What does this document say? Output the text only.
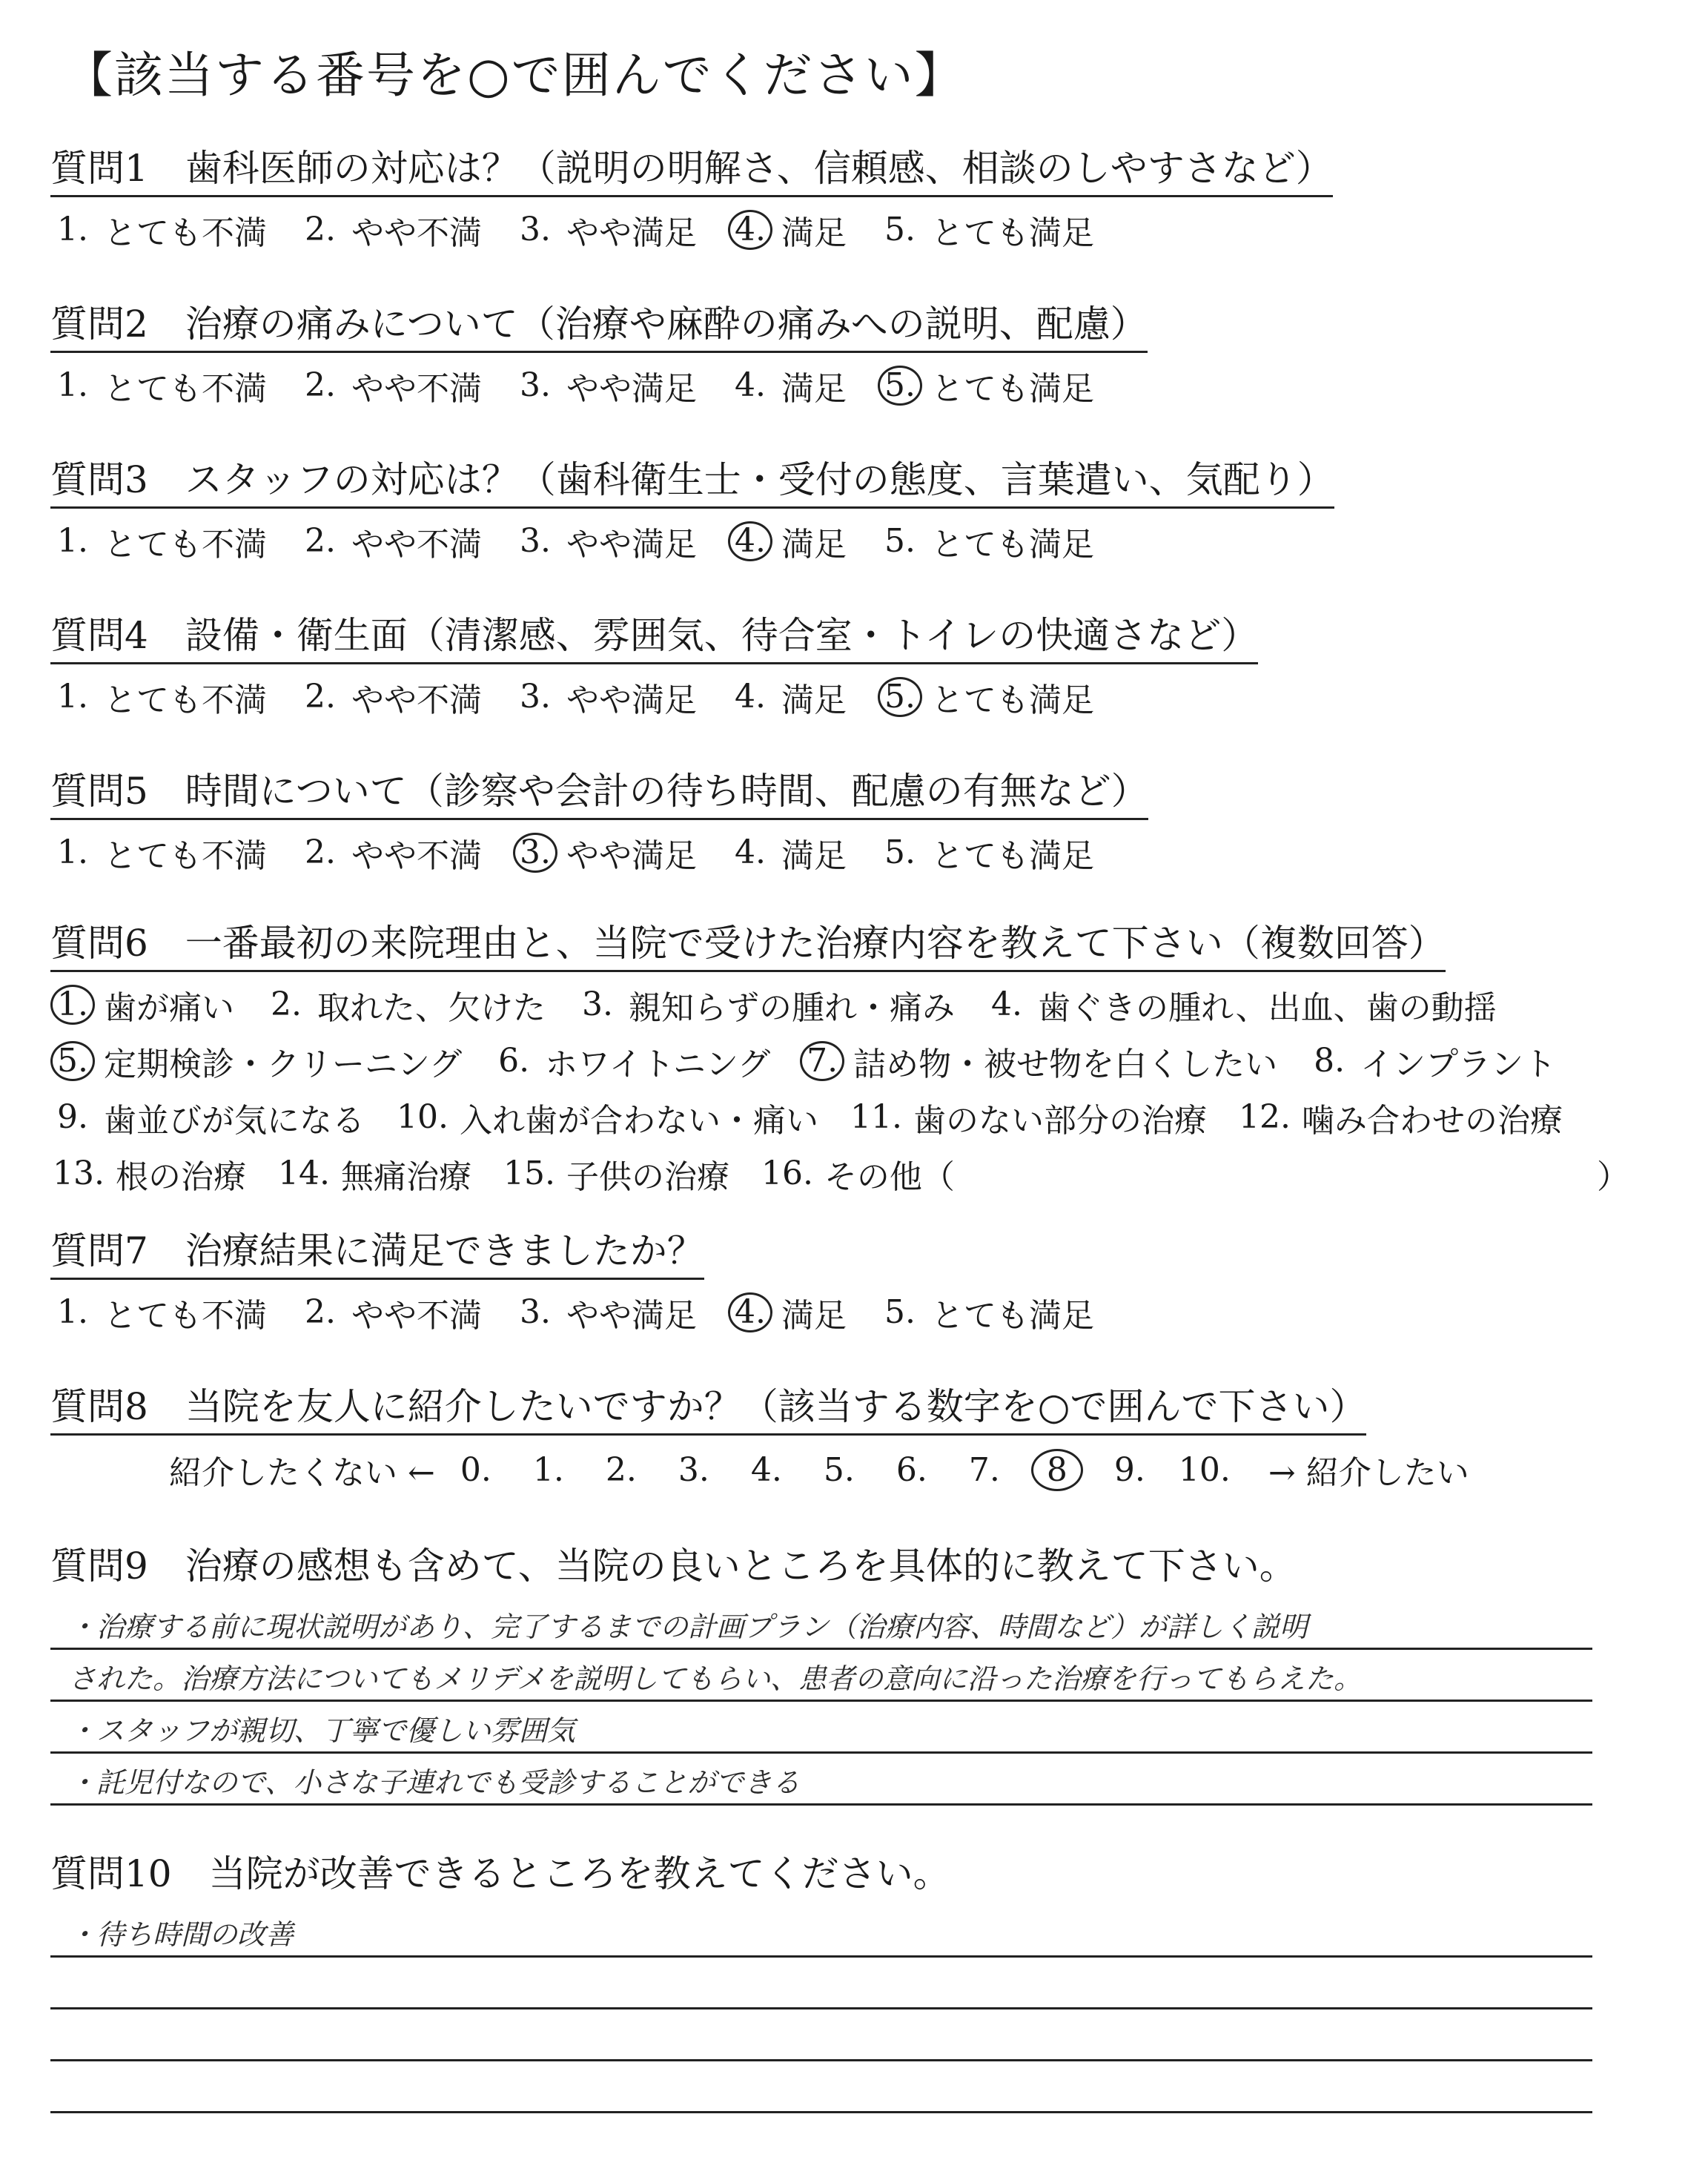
【該当する番号を○で囲んでください】
質問1　歯科医師の対応は？（説明の明解さ、信頼感、相談のしやすさなど）
1. とても不満 2. やや不満 3. やや満足 4. 満足 5. とても満足
質問2　治療の痛みについて（治療や麻酔の痛みへの説明、配慮）
1. とても不満 2. やや不満 3. やや満足 4. 満足 5. とても満足
質問3　スタッフの対応は？（歯科衛生士・受付の態度、言葉遣い、気配り）
1. とても不満 2. やや不満 3. やや満足 4. 満足 5. とても満足
質問4　設備・衛生面（清潔感、雰囲気、待合室・トイレの快適さなど）
1. とても不満 2. やや不満 3. やや満足 4. 満足 5. とても満足
質問5　時間について（診察や会計の待ち時間、配慮の有無など）
1. とても不満 2. やや不満 3. やや満足 4. 満足 5. とても満足
質問6　一番最初の来院理由と、当院で受けた治療内容を教えて下さい（複数回答）
1. 歯が痛い 2. 取れた、欠けた 3. 親知らずの腫れ・痛み 4. 歯ぐきの腫れ、出血、歯の動揺
5. 定期検診・クリーニング 6. ホワイトニング 7. 詰め物・被せ物を白くしたい 8. インプラント
9. 歯並びが気になる 10. 入れ歯が合わない・痛い 11. 歯のない部分の治療 12. 噛み合わせの治療
13. 根の治療 14. 無痛治療 15. 子供の治療 16. その他（	）
質問7　治療結果に満足できましたか？
1. とても不満 2. やや不満 3. やや満足 4. 満足 5. とても満足
質問8　当院を友人に紹介したいですか？（該当する数字を○で囲んで下さい）
紹介したくない ← 0.	1.	2.	3.	4.	5.	6.	7.	8	9.	10. → 紹介したい
質問9　治療の感想も含めて、当院の良いところを具体的に教えて下さい。
・治療する前に現状説明があり、完了するまでの計画プラン（治療内容、時間など）が詳しく説明
された。治療方法についてもメリデメを説明してもらい、患者の意向に沿った治療を行ってもらえた。
・スタッフが親切、丁寧で優しい雰囲気
・託児付なので、小さな子連れでも受診することができる
質問10　当院が改善できるところを教えてください。
・待ち時間の改善
